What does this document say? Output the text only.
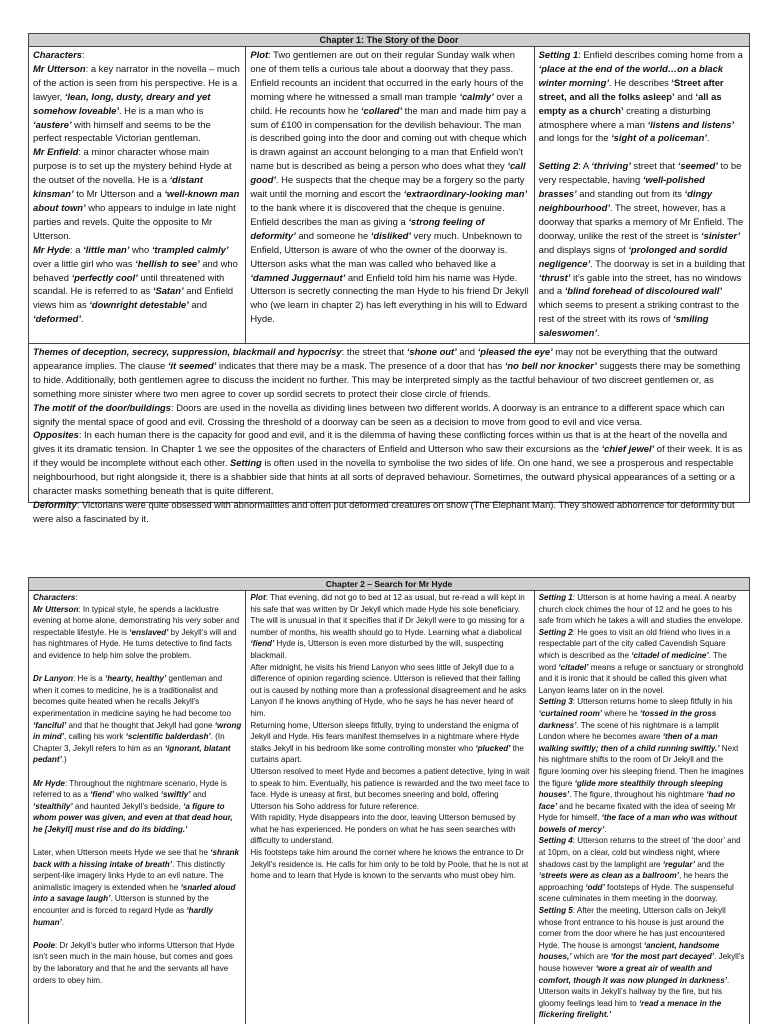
Chapter 1: The Story of the Door
Characters:
Mr Utterson: a key narrator in the novella – much of the action is seen from his perspective. He is a lawyer, ‘lean, long, dusty, dreary and yet somehow loveable’. He is a man who is ‘austere’ with himself and seems to be the perfect respectable Victorian gentleman.
Mr Enfield: a minor character whose main purpose is to set up the mystery behind Hyde at the outset of the novella. He is a ‘distant kinsman’ to Mr Utterson and a ‘well-known man about town’ who appears to indulge in late night parties and revels. Quite the opposite to Mr Utterson.
Mr Hyde: a ‘little man’ who ‘trampled calmly’ over a little girl who was ‘hellish to see’ and who behaved ‘perfectly cool’ until threatened with scandal. He is referred to as ‘Satan’ and Enfield views him as ‘downright detestable’ and ‘deformed’.
Plot: Two gentlemen are out on their regular Sunday walk when one of them tells a curious tale about a doorway that they pass. Enfield recounts an incident that occurred in the early hours of the morning where he witnessed a small man trample ‘calmly’ over a child. He recounts how he ‘collared’ the man and made him pay a sum of £100 in compensation for the devilish behaviour. The man is described going into the door and coming out with cheque which is drawn against an account belonging to a man that Enfield won’t name but is described as being a person who does what they ‘call good’. He suspects that the cheque may be a forgery so the party wait until the morning and escort the ‘extraordinary-looking man’ to the bank where it is discovered that the cheque is genuine. Enfield describes the man as giving a ‘strong feeling of deformity’ and someone he ‘disliked’ very much. Unbeknown to Enfield, Utterson is aware of who the owner of the doorway is. Utterson asks what the man was called who behaved like a ‘damned Juggernaut’ and Enfield told him his name was Hyde. Utterson is secretly connecting the man Hyde to his friend Dr Jekyll who (we learn in chapter 2) has left everything in his will to Edward Hyde.
Setting 1: Enfield describes coming home from a ‘place at the end of the world…on a black winter morning’. He describes ‘Street after street, and all the folks asleep’ and ‘all as empty as a church’ creating a disturbing atmosphere where a man ‘listens and listens’ and longs for the ‘sight of a policeman’.

Setting 2: A ‘thriving’ street that ‘seemed’ to be very respectable, having ‘well-polished brasses’ and standing out from its ‘dingy neighbourhood’. The street, however, has a doorway that sparks a memory of Mr Enfield. The doorway, unlike the rest of the street is ‘sinister’ and displays signs of ‘prolonged and sordid negligence’. The doorway is set in a building that ‘thrust’ it’s gable into the street, has no windows and a ‘blind forehead of discoloured wall’ which seems to present a striking contrast to the rest of the street with its rows of ‘smiling saleswomen’.
Themes of deception, secrecy, suppression, blackmail and hypocrisy: the street that ‘shone out’ and ‘pleased the eye’ may not be everything that the outward appearance implies. The clause ‘it seemed’ indicates that there may be a mask. The presence of a door that has ‘no bell nor knocker’ suggests there may be something to hide. Additionally, both gentlemen agree to discuss the incident no further. This may be interpreted simply as the tactful behaviour of two discreet gentlemen or, as something more sinister where two men agree to cover up sordid secrets to protect their close circle of friends.
The motif of the door/buildings: Doors are used in the novella as dividing lines between two different worlds. A doorway is an entrance to a different space which can signify the mental space of good and evil. Crossing the threshold of a doorway can be seen as a decision to move from good to evil and vice versa.
Opposites: In each human there is the capacity for good and evil, and it is the dilemma of having these conflicting forces within us that is at the heart of the novella and gives it its dramatic tension. In Chapter 1 we see the opposites of the characters of Enfield and Utterson who saw their excursions as the ‘chief jewel’ of their week. It is as if they would be incomplete without each other. Setting is often used in the novella to symbolise the two sides of life. On one hand, we see a prosperous and respectable neighbourhood, but right alongside it, there is a shabbier side that hints at all sorts of depraved behaviour. Sometimes, the outward physical appearances of a setting or a character masks something beneath that is quite different.
Deformity: Victorians were quite obsessed with abnormalities and often put deformed creatures on show (The Elephant Man). They showed abhorrence for deformity but were also a fascinated by it.
Chapter 2 – Search for Mr Hyde
Characters:
Mr Utterson: In typical style, he spends a lacklustre evening at home alone, demonstrating his very sober and respectable lifestyle. He is ‘enslaved’ by Jekyll’s will and has nightmares of Hyde. He turns detective to find facts and evidence to help him solve the problem.

Dr Lanyon: He is a ‘hearty, healthy’ gentleman and when it comes to medicine, he is a traditionalist and becomes quite heated when he recalls Jekyll’s experimentation in medicine saying he had become too ‘fanciful’ and that he thought that Jekyll had gone ‘wrong in mind’, calling his work ‘scientific balderdash’. (In Chapter 3, Jekyll refers to him as an ‘ignorant, blatant pedant’.)

Mr Hyde: Throughout the nightmare scenario, Hyde is referred to as a ‘fiend’ who walked ‘swiftly’ and ‘stealthily’ and haunted Jekyll’s bedside, ‘a figure to whom power was given, and even at that dead hour, he [Jekyll] must rise and do its bidding.’

Later, when Utterson meets Hyde we see that he ‘shrank back with a hissing intake of breath’. This distinctly serpent-like imagery links Hyde to an evil nature. The animalistic imagery is extended when he ‘snarled aloud into a savage laugh’. Utterson is stunned by the encounter and is forced to regard Hyde as ‘hardly human’.

Poole: Dr Jekyll’s butler who informs Utterson that Hyde isn’t seen much in the main house, but comes and goes by the laboratory and that he and the servants all have orders to obey him.
Plot: That evening, did not go to bed at 12 as usual, but re-read a will kept in his safe that was written by Dr Jekyll which made Hyde his sole beneficiary. The will is unusual in that it specifies that if Dr Jekyll were to go missing for a number of months, his wealth should go to Hyde. Learning what a diabolical ‘fiend’ Hyde is, Utterson is even more disturbed by the will, suspecting blackmail.
After midnight, he visits his friend Lanyon who sees little of Jekyll due to a difference of opinion regarding science. Utterson is relieved that their falling out is caused by nothing more than a professional disagreement and he asks Lanyon if he knows anything of Hyde, who he says he has never heard of him.
Returning home, Utterson sleeps fitfully, trying to understand the enigma of Jekyll and Hyde. His fears manifest themselves in a nightmare where Hyde stalks Jekyll in his bedroom like some controlling monster who ‘plucked’ the curtains apart.
Utterson resolved to meet Hyde and becomes a patient detective, lying in wait to speak to him. Eventually, his patience is rewarded and the two meet face to face. Hyde is uneasy at first, but becomes sneering and bold, offering Utterson his Soho address for future reference.
With rapidity, Hyde disappears into the door, leaving Utterson bemused by what he has experienced. He ponders on what he has seen searches with difficulty to understand.
His footsteps take him around the corner where he knows the entrance to Dr Jekyll’s residence is. He calls for him only to be told by Poole, that he is not at home and to learn that Hyde is known to the servants who must obey him.
Setting 1: Utterson is at home having a meal. A nearby church clock chimes the hour of 12 and he goes to his safe from which he takes a will and studies the envelope.
Setting 2: He goes to visit an old friend who lives in a respectable part of the city called Cavendish Square which is described as the ‘citadel of medicine’. The word ‘citadel’ means a refuge or sanctuary or stronghold and it is ironic that it should be called this given what Lanyon learns later on in the novel.
Setting 3: Utterson returns home to sleep fitfully in his ‘curtained room’ where he ‘tossed in the gross darkness’. The scene of his nightmare is a lamplit London where he becomes aware ‘then of a man walking swiftly; then of a child running swiftly.’ Next his nightmare shifts to the room of Dr Jekyll and the figure looming over his sleeping friend. Then he imagines the figure ‘glide more stealthily through sleeping houses’. The figure, throughout his nightmare ‘had no face’ and he became fixated with the idea of seeing Mr Hyde for himself, ‘the face of a man who was without bowels of mercy’.
Setting 4: Utterson returns to the street of ‘the door’ and at 10pm, on a clear, cold but windless night, where shadows cast by the lamplight are ‘regular’ and the ‘streets were as clean as a ballroom’, he hears the approaching ‘odd’ footsteps of Hyde. The suspenseful scene culminates in them meeting in the doorway.
Setting 5: After the meeting, Utterson calls on Jekyll whose front entrance to his house is just around the corner from the door where he has just encountered Hyde. The house is amongst ‘ancient, handsome houses,’ which are ‘for the most part decayed’. Jekyll’s house however ‘wore a great air of wealth and comfort, though it was now plunged in darkness’. Utterson waits in Jekyll’s hallway by the fire, but his gloomy feelings lead him to ‘read a menace in the flickering firelight.’
